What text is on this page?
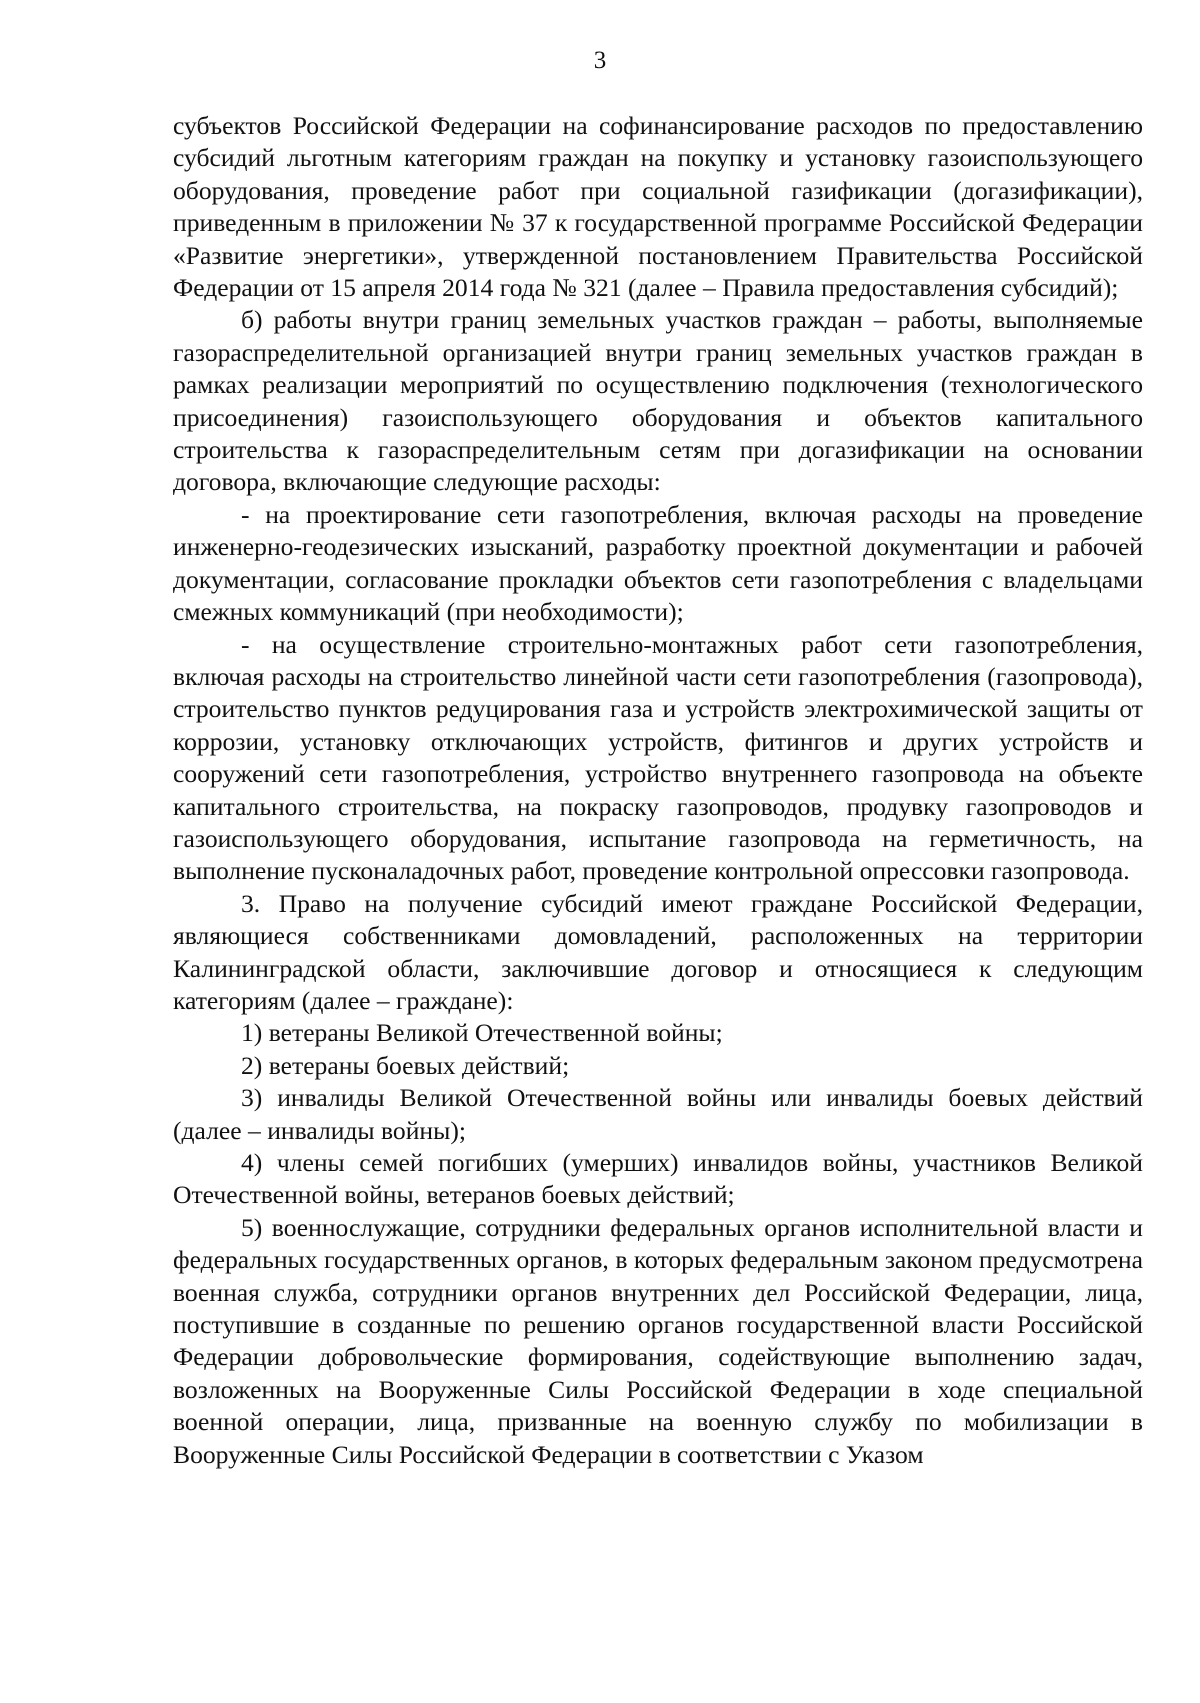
3

субъектов Российской Федерации на софинансирование расходов по предоставлению субсидий льготным категориям граждан на покупку и установку газоиспользующего оборудования, проведение работ при социальной газификации (догазификации), приведенным в приложении № 37 к государственной программе Российской Федерации «Развитие энергетики», утвержденной постановлением Правительства Российской Федерации от 15 апреля 2014 года № 321 (далее – Правила предоставления субсидий);

б) работы внутри границ земельных участков граждан – работы, выполняемые газораспределительной организацией внутри границ земельных участков граждан в рамках реализации мероприятий по осуществлению подключения (технологического присоединения) газоиспользующего оборудования и объектов капитального строительства к газораспределительным сетям при догазификации на основании договора, включающие следующие расходы:

- на проектирование сети газопотребления, включая расходы на проведение инженерно-геодезических изысканий, разработку проектной документации и рабочей документации, согласование прокладки объектов сети газопотребления с владельцами смежных коммуникаций (при необходимости);

- на осуществление строительно-монтажных работ сети газопотребления, включая расходы на строительство линейной части сети газопотребления (газопровода), строительство пунктов редуцирования газа и устройств электрохимической защиты от коррозии, установку отключающих устройств, фитингов и других устройств и сооружений сети газопотребления, устройство внутреннего газопровода на объекте капитального строительства, на покраску газопроводов, продувку газопроводов и газоиспользующего оборудования, испытание газопровода на герметичность, на выполнение пусконаладочных работ, проведение контрольной опрессовки газопровода.

3. Право на получение субсидий имеют граждане Российской Федерации, являющиеся собственниками домовладений, расположенных на территории Калининградской области, заключившие договор и относящиеся к следующим категориям (далее – граждане):

1) ветераны Великой Отечественной войны;

2) ветераны боевых действий;

3) инвалиды Великой Отечественной войны или инвалиды боевых действий (далее – инвалиды войны);

4) члены семей погибших (умерших) инвалидов войны, участников Великой Отечественной войны, ветеранов боевых действий;

5) военнослужащие, сотрудники федеральных органов исполнительной власти и федеральных государственных органов, в которых федеральным законом предусмотрена военная служба, сотрудники органов внутренних дел Российской Федерации, лица, поступившие в созданные по решению органов государственной власти Российской Федерации добровольческие формирования, содействующие выполнению задач, возложенных на Вооруженные Силы Российской Федерации в ходе специальной военной операции, лица, призванные на военную службу по мобилизации в Вооруженные Силы Российской Федерации в соответствии с Указом
